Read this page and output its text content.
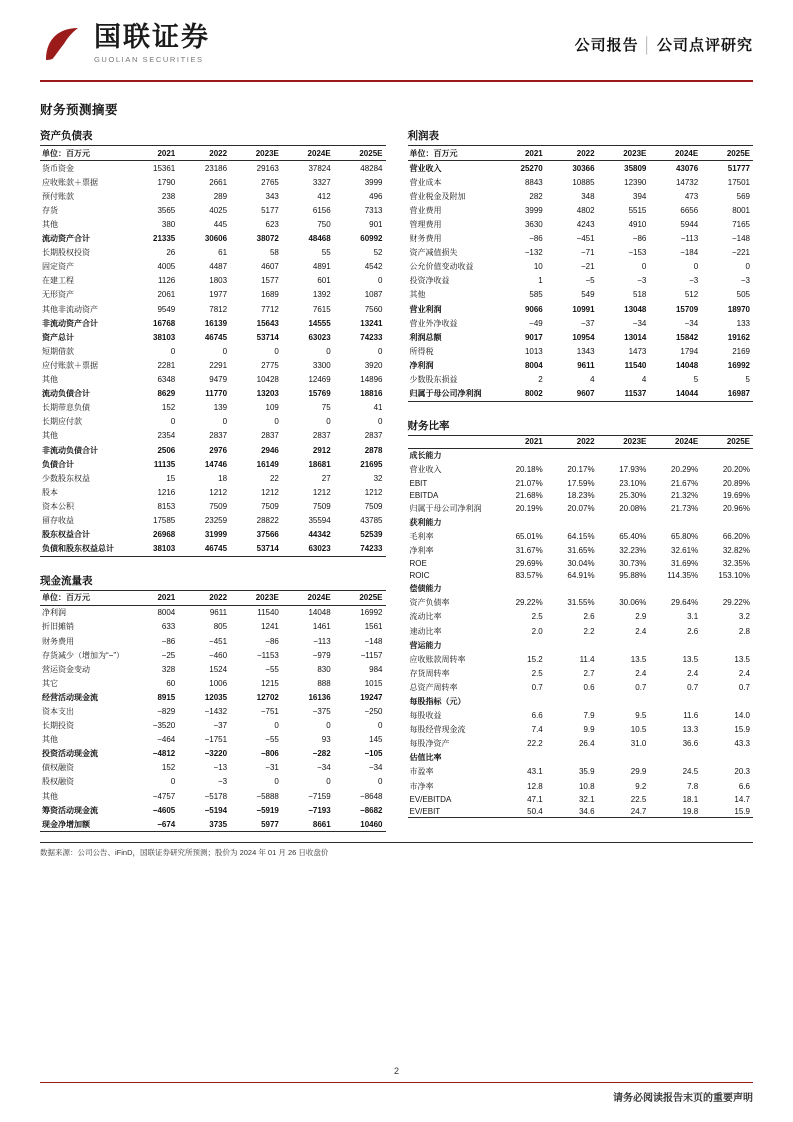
国联证券
GUOLIAN SECURITIES
公司报告 │ 公司点评研究
财务预测摘要
资产负债表
单位：百万元	2021	2022	2023E	2024E	2025E
货币资金	15361	23186	29163	37824	48284
应收账款＋票据	1790	2661	2765	3327	3999
预付账款	238	289	343	412	496
存货	3565	4025	5177	6156	7313
其他	380	445	623	750	901
流动资产合计	21335	30606	38072	48468	60992
长期股权投资	26	61	58	55	52
固定资产	4005	4487	4607	4891	4542
在建工程	1126	1803	1577	601	0
无形资产	2061	1977	1689	1392	1087
其他非流动资产	9549	7812	7712	7615	7560
非流动资产合计	16768	16139	15643	14555	13241
资产总计	38103	46745	53714	63023	74233
短期借款	0	0	0	0	0
应付账款＋票据	2281	2291	2775	3300	3920
其他	6348	9479	10428	12469	14896
流动负债合计	8629	11770	13203	15769	18816
长期带息负债	152	139	109	75	41
长期应付款	0	0	0	0	0
其他	2354	2837	2837	2837	2837
非流动负债合计	2506	2976	2946	2912	2878
负债合计	11135	14746	16149	18681	21695
少数股东权益	15	18	22	27	32
股本	1216	1212	1212	1212	1212
资本公积	8153	7509	7509	7509	7509
留存收益	17585	23259	28822	35594	43785
股东权益合计	26968	31999	37566	44342	52539
负债和股东权益总计	38103	46745	53714	63023	74233
现金流量表
单位：百万元	2021	2022	2023E	2024E	2025E
净利润	8004	9611	11540	14048	16992
折旧摊销	633	805	1241	1461	1561
财务费用	−86	−451	−86	−113	−148
存货减少（增加为“−”）	−25	−460	−1153	−979	−1157
营运资金变动	328	1524	−55	830	984
其它	60	1006	1215	888	1015
经营活动现金流	8915	12035	12702	16136	19247
资本支出	−829	−1432	−751	−375	−250
长期投资	−3520	−37	0	0	0
其他	−464	−1751	−55	93	145
投资活动现金流	−4812	−3220	−806	−282	−105
债权融资	152	−13	−31	−34	−34
股权融资	0	−3	0	0	0
其他	−4757	−5178	−5888	−7159	−8648
筹资活动现金流	−4605	−5194	−5919	−7193	−8682
现金净增加额	−674	3735	5977	8661	10460
利润表
单位：百万元	2021	2022	2023E	2024E	2025E
营业收入	25270	30366	35809	43076	51777
营业成本	8843	10885	12390	14732	17501
营业税金及附加	282	348	394	473	569
营业费用	3999	4802	5515	6656	8001
管理费用	3630	4243	4910	5944	7165
财务费用	−86	−451	−86	−113	−148
资产减值损失	−132	−71	−153	−184	−221
公允价值变动收益	10	−21	0	0	0
投资净收益	1	−5	−3	−3	−3
其他	585	549	518	512	505
营业利润	9066	10991	13048	15709	18970
营业外净收益	−49	−37	−34	−34	133
利润总额	9017	10954	13014	15842	19162
所得税	1013	1343	1473	1794	2169
净利润	8004	9611	11540	14048	16992
少数股东损益	2	4	4	5	5
归属于母公司净利润	8002	9607	11537	14044	16987
财务比率
	2021	2022	2023E	2024E	2025E
成长能力					
营业收入	20.18%	20.17%	17.93%	20.29%	20.20%
EBIT	21.07%	17.59%	23.10%	21.67%	20.89%
EBITDA	21.68%	18.23%	25.30%	21.32%	19.69%
归属于母公司净利润	20.19%	20.07%	20.08%	21.73%	20.96%
获利能力					
毛利率	65.01%	64.15%	65.40%	65.80%	66.20%
净利率	31.67%	31.65%	32.23%	32.61%	32.82%
ROE	29.69%	30.04%	30.73%	31.69%	32.35%
ROIC	83.57%	64.91%	95.88%	114.35%	153.10%
偿债能力					
资产负债率	29.22%	31.55%	30.06%	29.64%	29.22%
流动比率	2.5	2.6	2.9	3.1	3.2
速动比率	2.0	2.2	2.4	2.6	2.8
营运能力					
应收账款周转率	15.2	11.4	13.5	13.5	13.5
存货周转率	2.5	2.7	2.4	2.4	2.4
总资产周转率	0.7	0.6	0.7	0.7	0.7
每股指标（元）					
每股收益	6.6	7.9	9.5	11.6	14.0
每股经营现金流	7.4	9.9	10.5	13.3	15.9
每股净资产	22.2	26.4	31.0	36.6	43.3
估值比率					
市盈率	43.1	35.9	29.9	24.5	20.3
市净率	12.8	10.8	9.2	7.8	6.6
EV/EBITDA	47.1	32.1	22.5	18.1	14.7
EV/EBIT	50.4	34.6	24.7	19.8	15.9
数据来源：公司公告、iFinD，国联证券研究所预测；股价为 2024 年 01 月 26 日收盘价
2
请务必阅读报告末页的重要声明
